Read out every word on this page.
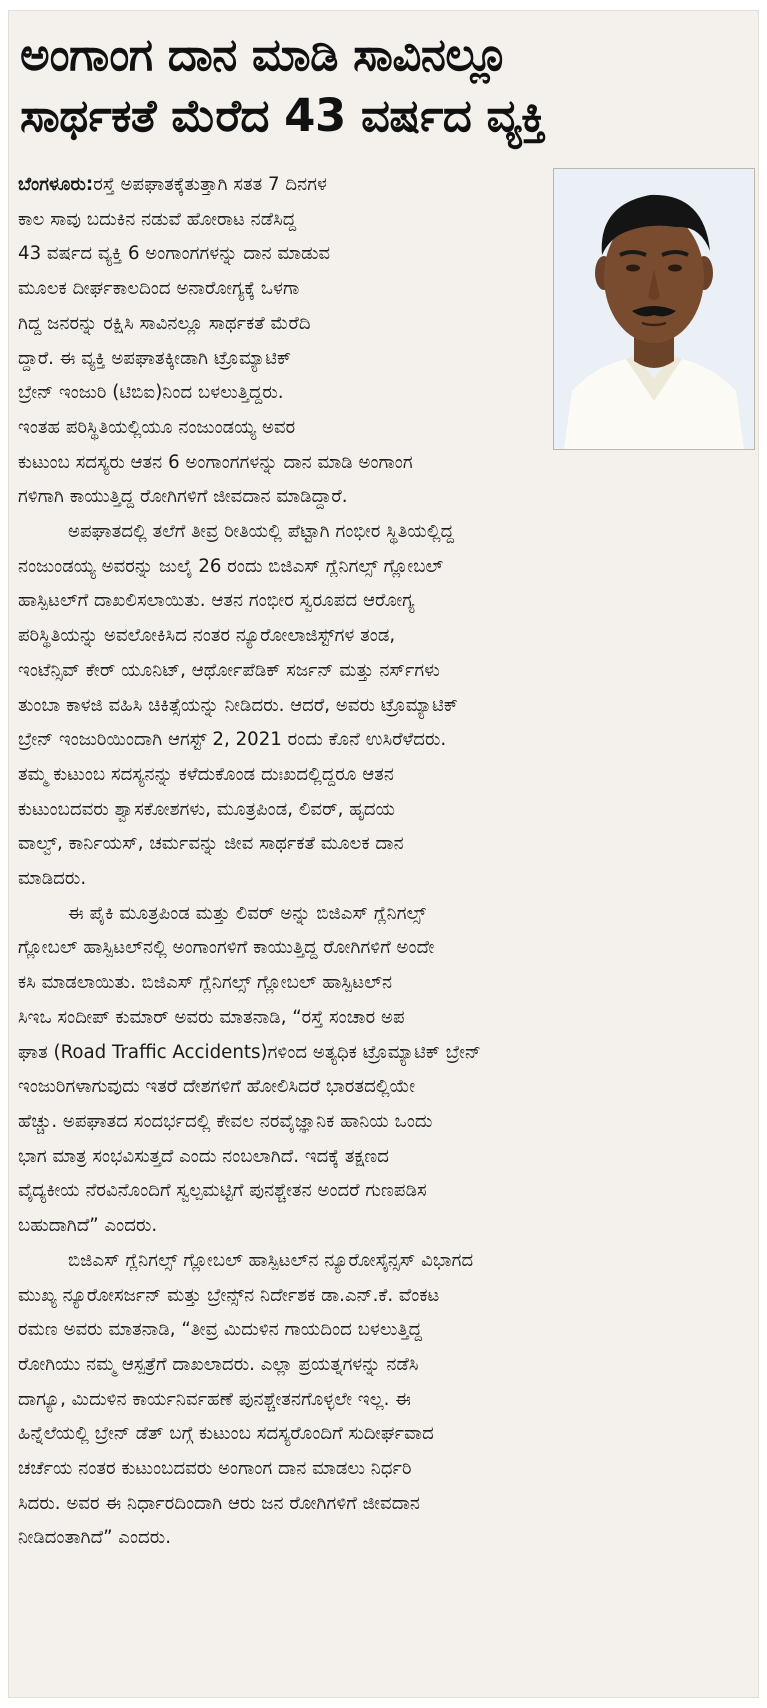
ಅಂಗಾಂಗ ದಾನ ಮಾಡಿ ಸಾವಿನಲ್ಲೂ
ಸಾರ್ಥಕತೆ ಮೆರೆದ 43 ವರ್ಷದ ವ್ಯಕ್ತಿ
ಬೆಂಗಳೂರು:ರಸ್ತೆ ಅಪಘಾತಕ್ಕೆತುತ್ತಾಗಿ ಸತತ 7 ದಿನಗಳ
ಕಾಲ ಸಾವು ಬದುಕಿನ ನಡುವೆ ಹೋರಾಟ ನಡೆಸಿದ್ದ
43 ವರ್ಷದ ವ್ಯಕ್ತಿ 6 ಅಂಗಾಂಗಗಳನ್ನು ದಾನ ಮಾಡುವ
ಮೂಲಕ ದೀರ್ಘಕಾಲದಿಂದ ಅನಾರೋಗ್ಯಕ್ಕೆ ಒಳಗಾ
ಗಿದ್ದ ಜನರನ್ನು ರಕ್ಷಿಸಿ ಸಾವಿನಲ್ಲೂ ಸಾರ್ಥಕತೆ ಮೆರೆದಿ
ದ್ದಾರೆ. ಈ ವ್ಯಕ್ತಿ ಅಪಘಾತಕ್ಕೀಡಾಗಿ ಟ್ರೊಮ್ಯಾಟಿಕ್
ಬ್ರೇನ್ ಇಂಜುರಿ (ಟಿಬಿಐ)ನಿಂದ ಬಳಲುತ್ತಿದ್ದರು.
ಇಂತಹ ಪರಿಸ್ಥಿತಿಯಲ್ಲಿಯೂ ನಂಜುಂಡಯ್ಯ ಅವರ
ಕುಟುಂಬ ಸದಸ್ಯರು ಆತನ 6 ಅಂಗಾಂಗಗಳನ್ನು ದಾನ ಮಾಡಿ ಅಂಗಾಂಗ
ಗಳಿಗಾಗಿ ಕಾಯುತ್ತಿದ್ದ ರೋಗಿಗಳಿಗೆ ಜೀವದಾನ ಮಾಡಿದ್ದಾರೆ.
ಅಪಘಾತದಲ್ಲಿ ತಲೆಗೆ ತೀವ್ರ ರೀತಿಯಲ್ಲಿ ಪೆಟ್ಟಾಗಿ ಗಂಭೀರ ಸ್ಥಿತಿಯಲ್ಲಿದ್ದ
ನಂಜುಂಡಯ್ಯ ಅವರನ್ನು ಜುಲೈ 26 ರಂದು ಬಿಜಿಎಸ್ ಗ್ಲೆನಿಗಲ್ಸ್ ಗ್ಲೋಬಲ್
ಹಾಸ್ಪಿಟಲ್‌ಗೆ ದಾಖಲಿಸಲಾಯಿತು. ಆತನ ಗಂಭೀರ ಸ್ವರೂಪದ ಆರೋಗ್ಯ
ಪರಿಸ್ಥಿತಿಯನ್ನು ಅವಲೋಕಿಸಿದ ನಂತರ ನ್ಯೂರೋಲಾಜಿಸ್ಟ್‌ಗಳ ತಂಡ,
ಇಂಟೆನ್ಸಿವ್ ಕೇರ್ ಯೂನಿಟ್, ಆರ್ಥೋಪೆಡಿಕ್ ಸರ್ಜನ್ ಮತ್ತು ನರ್ಸ್‌ಗಳು
ತುಂಬಾ ಕಾಳಜಿ ವಹಿಸಿ ಚಿಕಿತ್ಸೆಯನ್ನು ನೀಡಿದರು. ಆದರೆ, ಅವರು ಟ್ರೊಮ್ಯಾಟಿಕ್
ಬ್ರೇನ್ ಇಂಜುರಿಯಿಂದಾಗಿ ಆಗಸ್ಟ್ 2, 2021 ರಂದು ಕೊನೆ ಉಸಿರೆಳೆದರು.
ತಮ್ಮ ಕುಟುಂಬ ಸದಸ್ಯನನ್ನು ಕಳೆದುಕೊಂಡ ದುಃಖದಲ್ಲಿದ್ದರೂ ಆತನ
ಕುಟುಂಬದವರು ಶ್ವಾಸಕೋಶಗಳು, ಮೂತ್ರಪಿಂಡ, ಲಿವರ್, ಹೃದಯ
ವಾಲ್ವ್, ಕಾರ್ನಿಯಸ್, ಚರ್ಮವನ್ನು ಜೀವ ಸಾರ್ಥಕತೆ ಮೂಲಕ ದಾನ
ಮಾಡಿದರು.
ಈ ಪೈಕಿ ಮೂತ್ರಪಿಂಡ ಮತ್ತು ಲಿವರ್ ಅನ್ನು ಬಿಜಿಎಸ್ ಗ್ಲೆನಿಗಲ್ಸ್
ಗ್ಲೋಬಲ್ ಹಾಸ್ಪಿಟಲ್‌ನಲ್ಲಿ ಅಂಗಾಂಗಳಿಗೆ ಕಾಯುತ್ತಿದ್ದ ರೋಗಿಗಳಿಗೆ ಅಂದೇ
ಕಸಿ ಮಾಡಲಾಯಿತು. ಬಿಜಿಎಸ್ ಗ್ಲೆನಿಗಲ್ಸ್ ಗ್ಲೋಬಲ್ ಹಾಸ್ಪಿಟಲ್‌ನ
ಸಿಇಒ ಸಂದೀಪ್ ಕುಮಾರ್ ಅವರು ಮಾತನಾಡಿ, “ರಸ್ತೆ ಸಂಚಾರ ಅಪ
ಘಾತ (Road Traffic Accidents)ಗಳಿಂದ ಅತ್ಯಧಿಕ ಟ್ರೊಮ್ಯಾಟಿಕ್ ಬ್ರೇನ್
ಇಂಜುರಿಗಳಾಗುವುದು ಇತರೆ ದೇಶಗಳಿಗೆ ಹೋಲಿಸಿದರೆ ಭಾರತದಲ್ಲಿಯೇ
ಹೆಚ್ಚು. ಅಪಘಾತದ ಸಂದರ್ಭದಲ್ಲಿ ಕೇವಲ ನರವೈಜ್ಞಾನಿಕ ಹಾನಿಯ ಒಂದು
ಭಾಗ ಮಾತ್ರ ಸಂಭವಿಸುತ್ತದೆ ಎಂದು ನಂಬಲಾಗಿದೆ. ಇದಕ್ಕೆ ತಕ್ಷಣದ
ವೈದ್ಯಕೀಯ ನೆರವಿನೊಂದಿಗೆ ಸ್ವಲ್ಪಮಟ್ಟಿಗೆ ಪುನಶ್ಚೇತನ ಅಂದರೆ ಗುಣಪಡಿಸ
ಬಹುದಾಗಿದೆ” ಎಂದರು.
ಬಿಜಿಎಸ್ ಗ್ಲೆನಿಗಲ್ಸ್ ಗ್ಲೋಬಲ್ ಹಾಸ್ಪಿಟಲ್‌ನ ನ್ಯೂರೋಸೈನ್ಸಸ್ ವಿಭಾಗದ
ಮುಖ್ಯ ನ್ಯೂರೋಸರ್ಜನ್ ಮತ್ತು ಬ್ರೇನ್ಸ್‌ನ ನಿರ್ದೇಶಕ ಡಾ.ಎನ್.ಕೆ. ವೆಂಕಟ
ರಮಣ ಅವರು ಮಾತನಾಡಿ, “ತೀವ್ರ ಮಿದುಳಿನ ಗಾಯದಿಂದ ಬಳಲುತ್ತಿದ್ದ
ರೋಗಿಯು ನಮ್ಮ ಆಸ್ಪತ್ರೆಗೆ ದಾಖಲಾದರು. ಎಲ್ಲಾ ಪ್ರಯತ್ನಗಳನ್ನು ನಡೆಸಿ
ದಾಗ್ಯೂ, ಮಿದುಳಿನ ಕಾರ್ಯನಿರ್ವಹಣೆ ಪುನಶ್ಚೇತನಗೊಳ್ಳಲೇ ಇಲ್ಲ. ಈ
ಹಿನ್ನೆಲೆಯಲ್ಲಿ ಬ್ರೇನ್ ಡೆತ್ ಬಗ್ಗೆ ಕುಟುಂಬ ಸದಸ್ಯರೊಂದಿಗೆ ಸುದೀರ್ಘವಾದ
ಚರ್ಚೆಯ ನಂತರ ಕುಟುಂಬದವರು ಅಂಗಾಂಗ ದಾನ ಮಾಡಲು ನಿರ್ಧರಿ
ಸಿದರು. ಅವರ ಈ ನಿರ್ಧಾರದಿಂದಾಗಿ ಆರು ಜನ ರೋಗಿಗಳಿಗೆ ಜೀವದಾನ
ನೀಡಿದಂತಾಗಿದೆ” ಎಂದರು.
